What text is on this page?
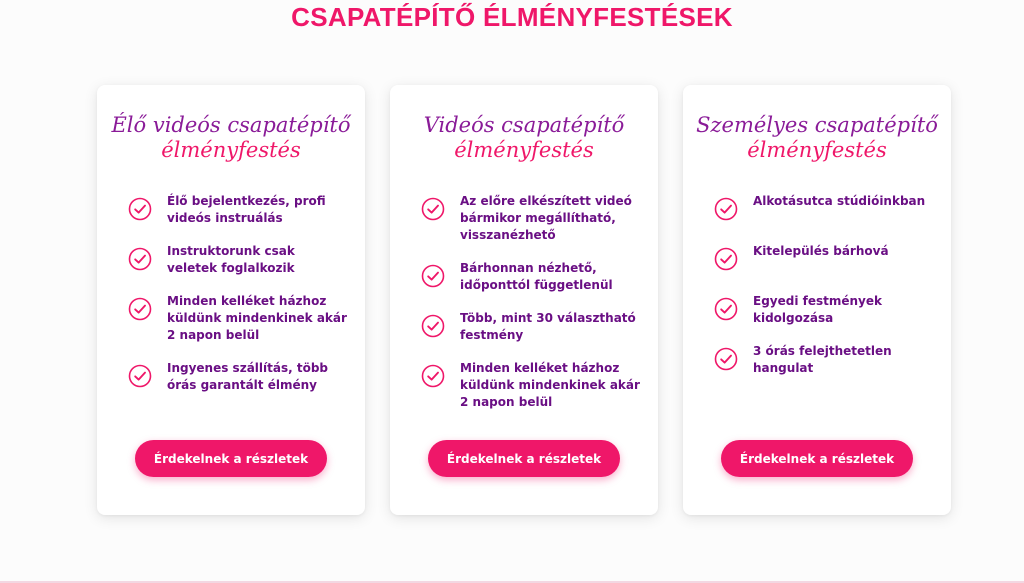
CSAPATÉPÍTŐ ÉLMÉNYFESTÉSEK
Élő videós csapatépítő
élményfestés
Élő bejelentkezés, profi videós instruálás
Instruktorunk csak veletek foglalkozik
Minden kelléket házhoz küldünk mindenkinek akár 2 napon belül
Ingyenes szállítás, több órás garantált élmény
Érdekelnek a részletek
Videós csapatépítő
élményfestés
Az előre elkészített videó bármikor megállítható, visszanézhető
Bárhonnan nézhető, időponttól függetlenül
Több, mint 30 választható festmény
Minden kelléket házhoz küldünk mindenkinek akár 2 napon belül
Érdekelnek a részletek
Személyes csapatépítő
élményfestés
Alkotásutca stúdióinkban
Kitelepülés bárhová
Egyedi festmények kidolgozása
3 órás felejthetetlen hangulat
Érdekelnek a részletek
